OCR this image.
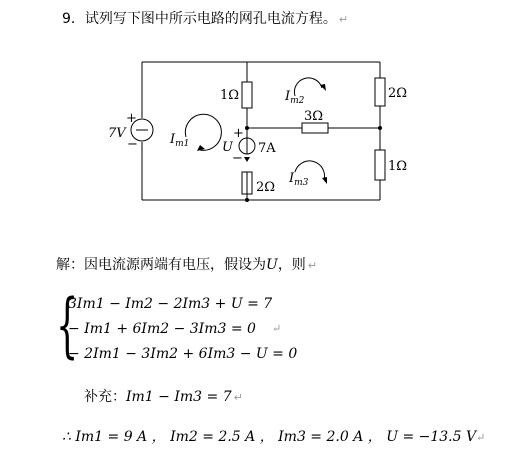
9．试列写下图中所示电路的网孔电流方程。 ↵
+
−
7V
1Ω	2Ω
3Ω
1Ω
2Ω
7A
U
+
−
$I_{m1}$
$I_{m2}$
$I_{m3}$
解：因电流源两端有电压，假设为U，则 ↵
{
3Im1 − Im2 − 2Im3 + U = 7
− Im1 + 6Im2 − 3Im3 = 0
− 2Im1 − 3Im2 + 6Im3 − U = 0
↵
补充：Im1 − Im3 = 7 ↵
∴ Im1 = 9 A ， Im2 = 2.5 A ， Im3 = 2.0 A ， U = −13.5 V↵
